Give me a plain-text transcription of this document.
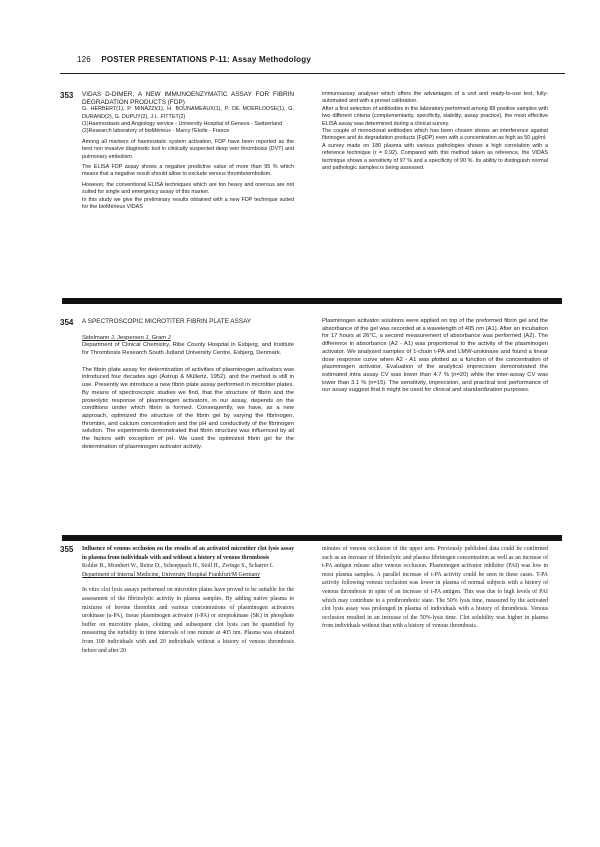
126 POSTER PRESENTATIONS P-11: Assay Methodology
353 VIDAS D-DIMER, A NEW IMMUNOENZYMATIC ASSAY FOR FIBRIN DEGRADATION PRODUCTS (FDP)

G. HERBERT(1), P. MINAZZI(1), H. BOUNAMEAUX(1), P. DE MOERLOOSE(1), G. DURAND(2), G. DUPUY(2), J.L. FITTET(2)

(1)Haemostasis and Angiology service - University Hospital of Geneva - Switzerland

(2)Research laboratory of bioMérieux - Marcy l'Etoile - France

Among all markers of haemostatic system activation, FDP have been reported as the best non invasive diagnostic tool in clinically suspected deep vein thrombosis (DVT) and pulmonary embolism.

The ELISA FDP assay shows a negative predictive value of more than 95 % which means that a negative result should allow to exclude venous thromboembolism.

However, the conventional ELISA techniques which are too heavy and onerous are not suited for single and emergency assay of this marker.

In this study we give the preliminary results obtained with a new FDP technique suited for the bioMérieux VIDAS

immunoassay analyser which offers the advantages of a unit and ready-to-use test, fully-automated and with a preset calibration.

After a first selection of antibodies in the laboratory performed among 88 positive samples with two different criteria (complementarity, specificity, stability, assay practice), the most effective ELISA assay was determined during a clinical survey.

The couple of monoclonal antibodies which has been chosen shows an interference against fibrinogen and its degradation products (FgDP) even with a concentration as high as 50 µg/ml.

A survey made on 180 plasma with various pathologies shows a high correlation with a reference technique (r = 0.92). Compared with this method taken as reference, the VIDAS technique shows a sensitivity of 97 % and a specificity of 90 %. Its ability to distinguish normal and pathologic samples is being assessed.

354 A SPECTROSCOPIC MICROTITER FIBRIN PLATE ASSAY

Sidelmann J, Jespersen J, Gram J

Department of Clinical Chemistry, Ribe County Hospital in Esbjerg, and Institute for Thrombosis Research South Jutland University Centre, Esbjerg, Denmark.

The fibrin plate assay for determination of activities of plasminogen activators was introduced four decades ago (Astrup & Müllertz, 1952), and the method is still in use. Presently we introduce a new fibrin plate assay performed in microtiter plates. By means of spectroscopic studies we find, that the structure of fibrin and the proteolytic response of plasminogen activators, in our assay, depends on the conditions under which fibrin is formed. Consequently, we have, as a new approach, optimized the structure of the fibrin gel by varying the fibrinogen, thrombin, and calcium concentration and the pH and conductivity of the fibrinogen solution. The experiments demonstrated that fibrin structure was influenced by all the factors with exception of pH. We used the optimized fibrin gel for the determination of plasminogen activator activity.

Plasminogen activator solutions were applied on top of the preformed fibrin gel and the absorbance of the gel was recorded at a wavelength of 405 nm (A1). After an incubation for 17 hours at 26°C, a second measurement of absorbance was performed (A2). The difference in absorbance (A2 - A1) was proportional to the activity of the plasminogen activator. We analyzed samples of 1-chain t-PA and LMW-urokinase and found a linear dose response curve when A2 - A1 was plotted as a function of the concentration of plasminogen activator. Evaluation of the analytical imprecision demonstrated the estimated intra assay CV was lower than 4.7 % (n=20) while the inter-assay CV was lower than 3.1 % (n=15). The sensitivity, imprecision, and practical test performance of our assay suggest that it might be used for clinical and standardization purposes.

355 Influence of venous occlusion on the results of an activated microtiter clot lysis assay in plasma from individuals with and without a history of venous thrombosis

Kohler B., Mombert W., Reinz D., Scheeppach H., Stoll H., Zwinge S., Scharrer I.

Department of Internal Medicine, University Hospital Frankfurt/M Germany

In vitro clot lysis assays performed on microtitre plates have proved to be suitable for the assessment of the fibrinolytic activity in plasma samples. By adding native plasma to mixtures of bovine thrombin and various concentrations of plasminogen activators urokinase (u-PA), tissue plasminogen activator (t-PA) or streptokinase (SK) in phosphate buffer on microtitre plates, clotting and subsequent clot lysis can be quantified by measuring the turbidity in time intervals of one minute at 405 nm. Plasma was obtained from 100 individuals with and 20 individuals without a history of venous thrombosis before and after 20

minutes of venous occlusion of the upper arm. Previously published data could be confirmed such as an increase of fibrinolytic and plasma fibrinogen concentration as well as an increase of t-PA antigen release after venous occlusion. Plasminogen activator inhibitor (PAI) was low in most plasma samples. A parallel increase of t-PA activity could be seen in these cases. T-PA activity following venous occlusion was lower in plasma of normal subjects with a history of venous thrombosis in spite of an increase of t-PA antigen. This was due to high levels of PAI which may contribute to a prothrombotic state. The 50% lysis time, measured by the activated clot lysis assay was prolonged in plasma of individuals with a history of thrombosis. Venous occlusion resulted in an increase of the 50%-lysis time. Clot solubility was higher in plasma from individuals without than with a history of venous thrombosis.
